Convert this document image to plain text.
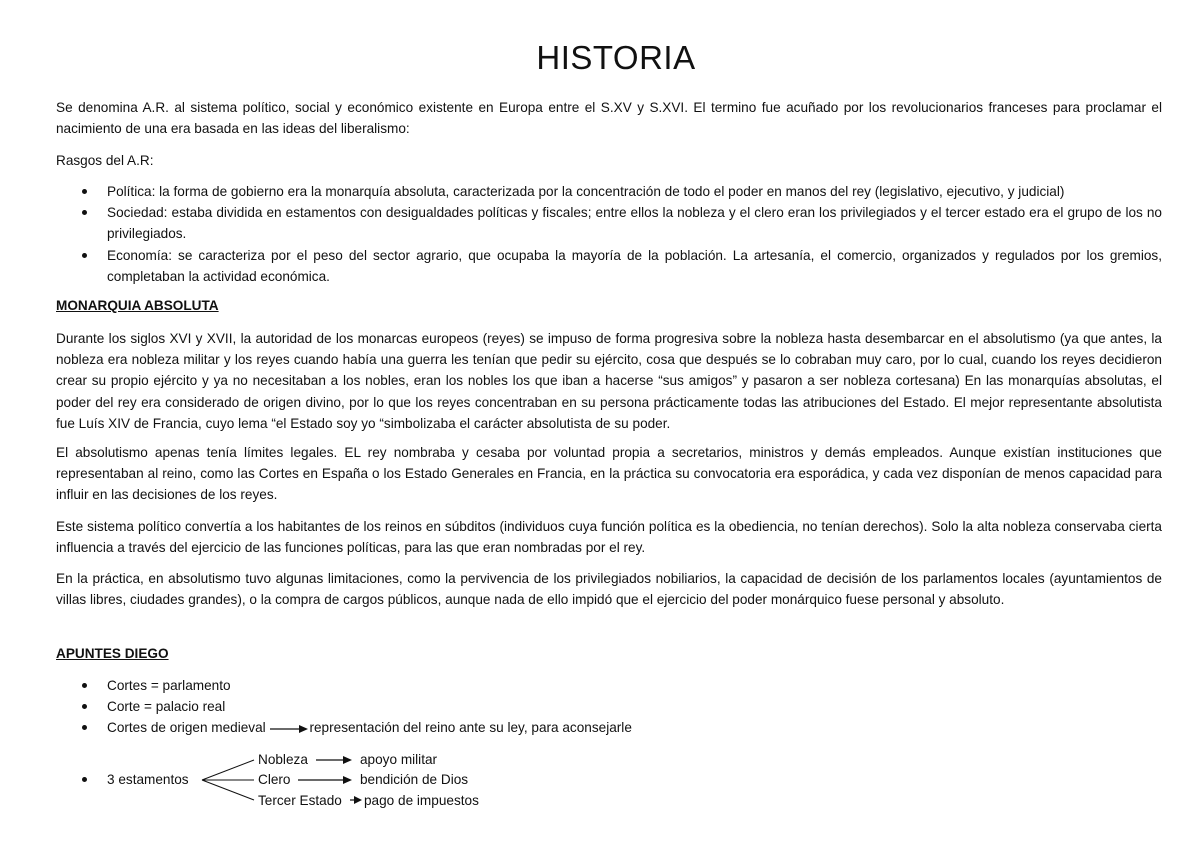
HISTORIA
Se denomina A.R. al sistema político, social y económico existente en Europa entre el S.XV y S.XVI. El termino fue acuñado por los revolucionarios franceses para proclamar el nacimiento de una era basada en las ideas del liberalismo:
Rasgos del A.R:
Política: la forma de gobierno era la monarquía absoluta, caracterizada por la concentración de todo el poder en manos del rey (legislativo, ejecutivo, y judicial)
Sociedad: estaba dividida en estamentos con desigualdades políticas y fiscales; entre ellos la nobleza y el clero eran los privilegiados y el tercer estado era el grupo de los no privilegiados.
Economía: se caracteriza por el peso del sector agrario, que ocupaba la mayoría de la población. La artesanía, el comercio, organizados y regulados por los gremios, completaban la actividad económica.
MONARQUIA ABSOLUTA
Durante los siglos XVI y XVII, la autoridad de los monarcas europeos (reyes) se impuso de forma progresiva sobre la nobleza hasta desembarcar en el absolutismo (ya que antes, la nobleza era nobleza militar y los reyes cuando había una guerra les tenían que pedir su ejército, cosa que después se lo cobraban muy caro, por lo cual, cuando los reyes decidieron crear su propio ejército y ya no necesitaban a los nobles, eran los nobles los que iban a hacerse “sus amigos” y pasaron a ser nobleza cortesana) En las monarquías absolutas, el poder del rey era considerado de origen divino, por lo que los reyes concentraban en su persona prácticamente todas las atribuciones del Estado. El mejor representante absolutista fue Luís XIV de Francia, cuyo lema “el Estado soy yo “simbolizaba el carácter absolutista de su poder.
El absolutismo apenas tenía límites legales. EL rey nombraba y cesaba por voluntad propia a secretarios, ministros y demás empleados. Aunque existían instituciones que representaban al reino, como las Cortes en España o los Estado Generales en Francia, en la práctica su convocatoria era esporádica, y cada vez disponían de menos capacidad para influir en las decisiones de los reyes.
Este sistema político convertía a los habitantes de los reinos en súbditos (individuos cuya función política es la obediencia, no tenían derechos). Solo la alta nobleza conservaba cierta influencia a través del ejercicio de las funciones políticas, para las que eran nombradas por el rey.
En la práctica, en absolutismo tuvo algunas limitaciones, como la pervivencia de los privilegiados nobiliarios, la capacidad de decisión de los parlamentos locales (ayuntamientos de villas libres, ciudades grandes), o la compra de cargos públicos, aunque nada de ello impidó que el ejercicio del poder monárquico fuese personal y absoluto.
APUNTES DIEGO
Cortes = parlamento
Corte = palacio real
Cortes de origen medieval	representación del reino ante su ley, para aconsejarle
3 estamentos
Nobleza	apoyo militar
Clero	bendición de Dios
Tercer Estado pago de impuestos
